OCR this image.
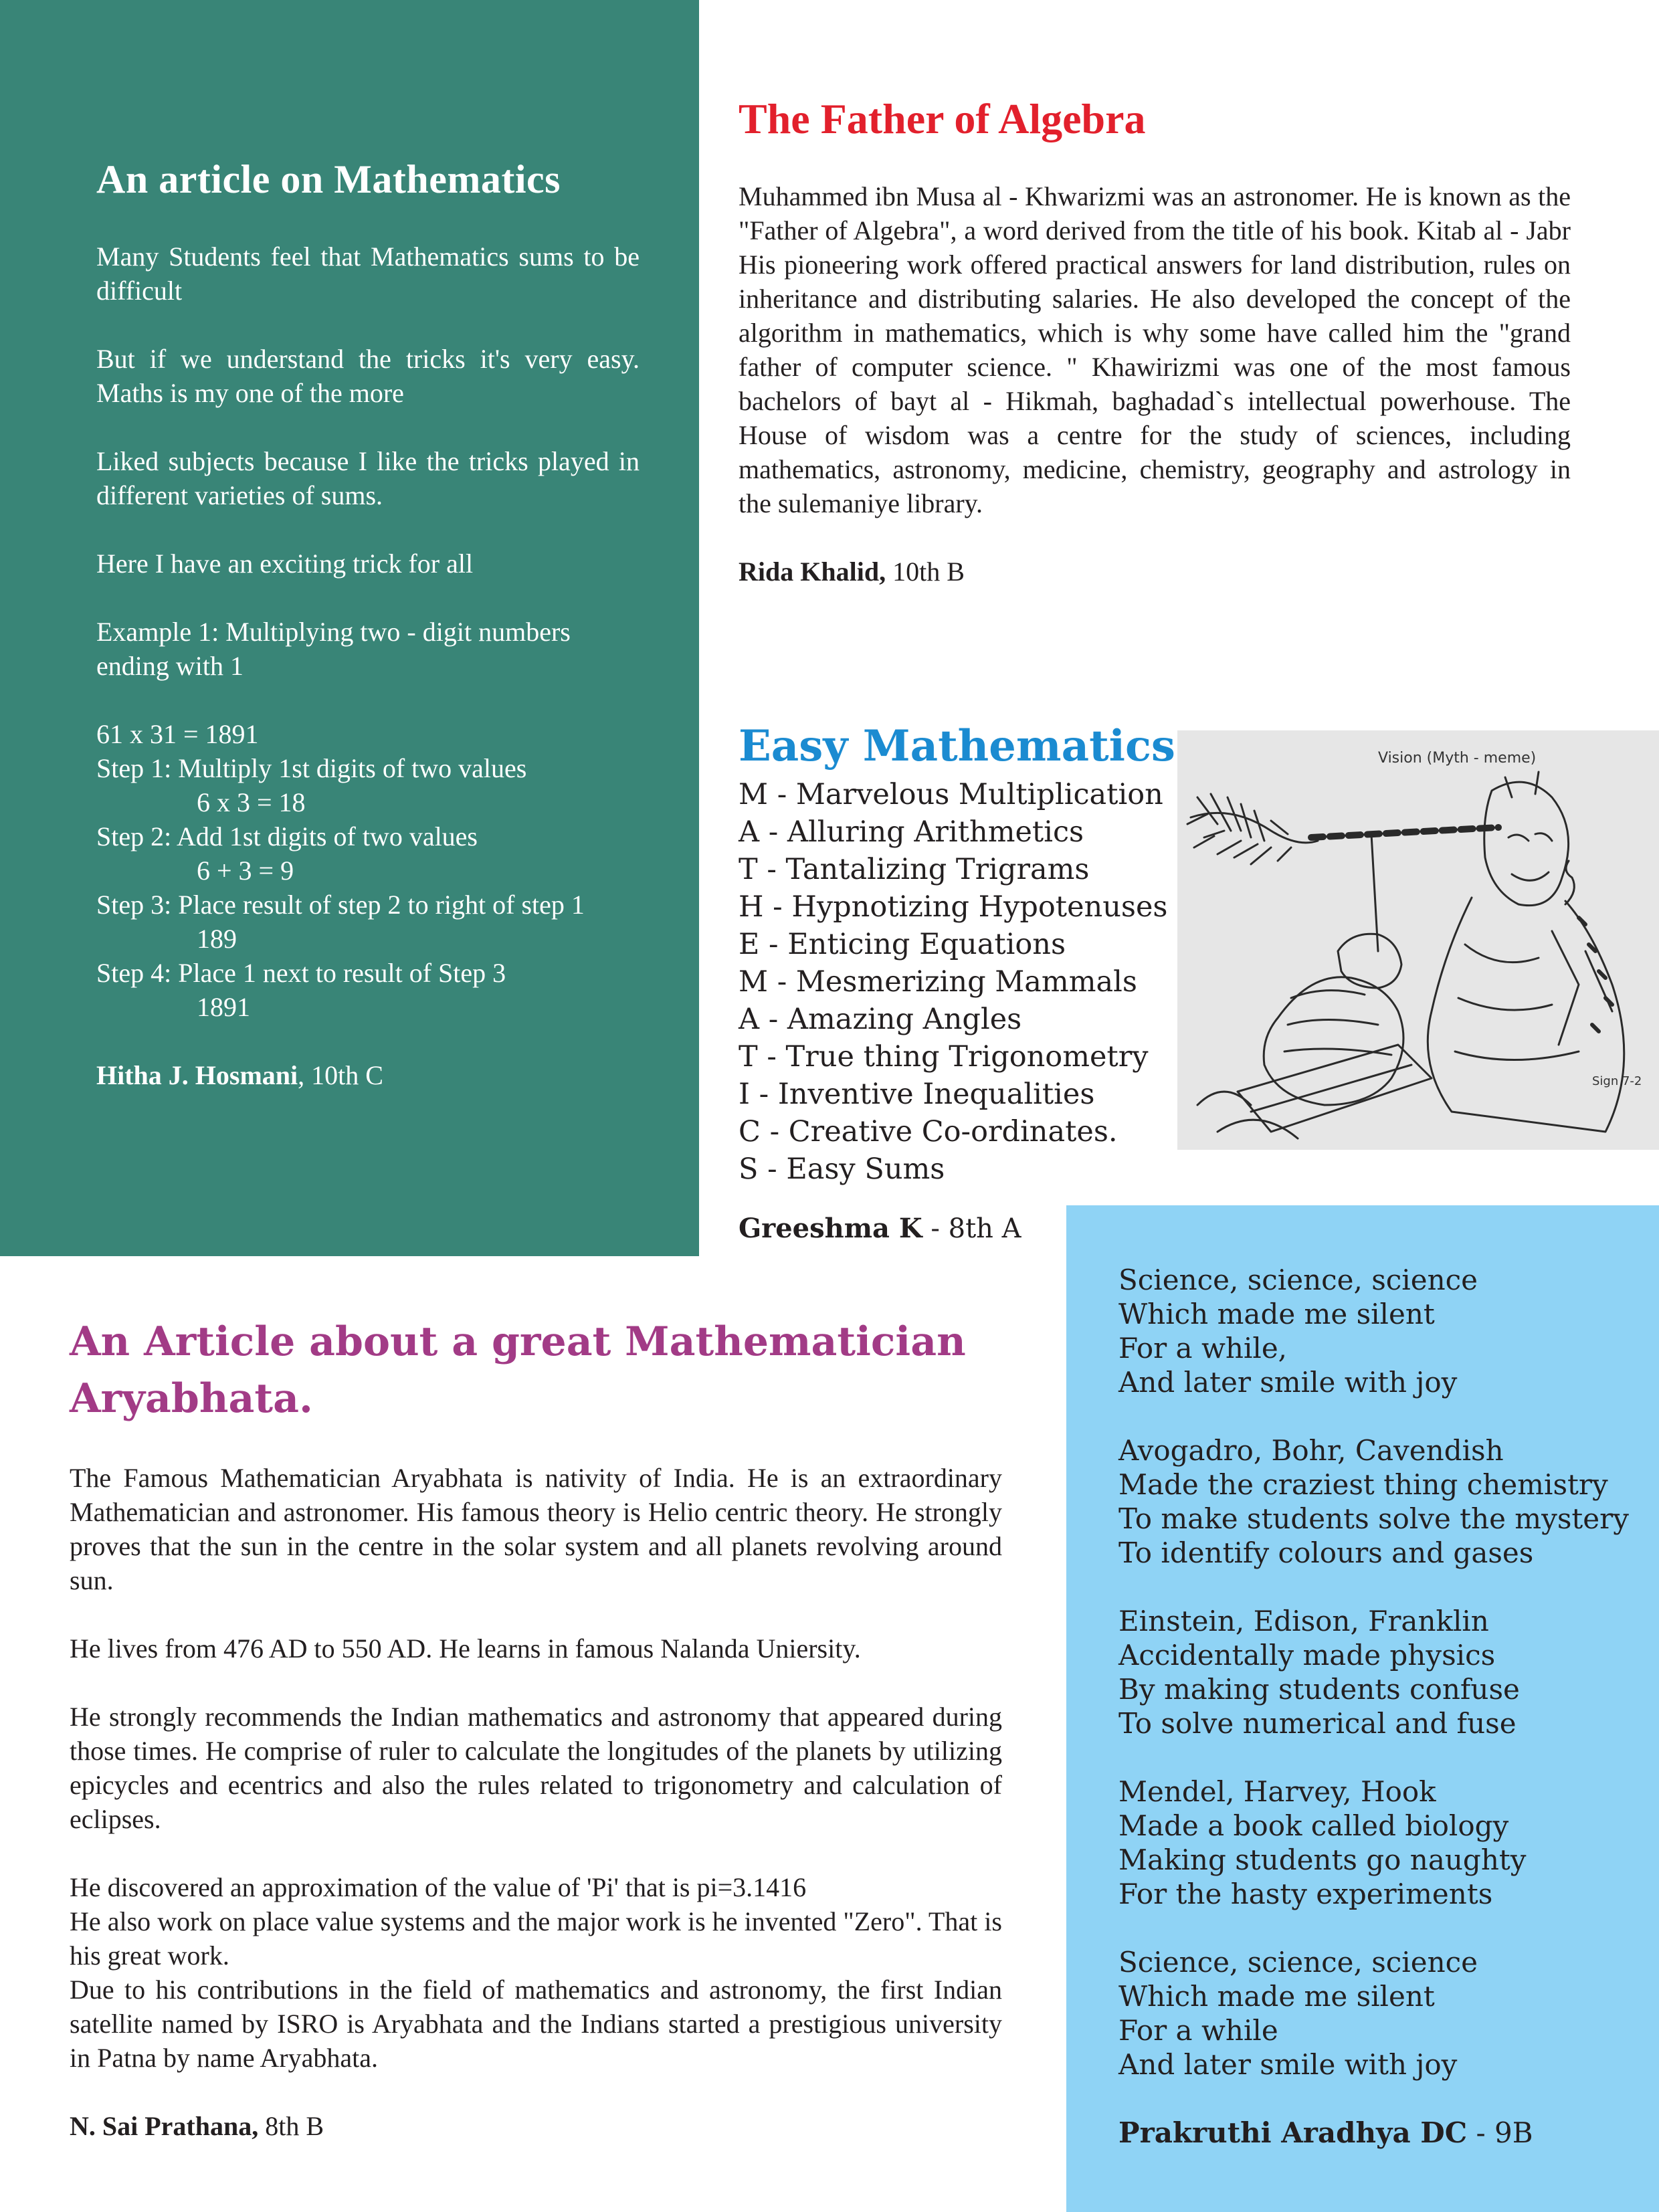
An article on Mathematics

Many Students feel that Mathematics sums to be difficult

But if we understand the tricks it's very easy. Maths is my one of the more

Liked subjects because I like the tricks played in different varieties of sums.

Here I have an exciting trick for all

Example 1: Multiplying two - digit numbers ending with 1

61 x 31 = 1891
Step 1: Multiply 1st digits of two values
6 x 3 = 18
Step 2: Add 1st digits of two values
6 + 3 = 9
Step 3: Place result of step 2 to right of step 1
189
Step 4: Place 1 next to result of Step 3
1891
Hitha J. Hosmani, 10th C
The Father of Algebra

Muhammed ibn Musa al - Khwarizmi was an astronomer. He is known as the "Father of Algebra", a word derived from the title of his book. Kitab al - Jabr His pioneering work offered practical answers for land distribution, rules on inheritance and distributing salaries. He also developed the concept of the algorithm in mathematics, which is why some have called him the "grand father of computer science. " Khawirizmi was one of the most famous bachelors of bayt al - Hikmah, baghadad`s intellectual powerhouse. The House of wisdom was a centre for the study of sciences, including mathematics, astronomy, medicine, chemistry, geography and astrology in the sulemaniye library.

Rida Khalid, 10th B

Easy Mathematics
M - Marvelous Multiplication
A - Alluring Arithmetics
T - Tantalizing Trigrams
H - Hypnotizing Hypotenuses
E - Enticing Equations
M - Mesmerizing Mammals
A - Amazing Angles
T - True thing Trigonometry
I - Inventive Inequalities
C - Creative Co-ordinates.
S - Easy Sums
Greeshma K - 8th A
Vision (Myth - meme)
Sign 7-2
An Article about a great Mathematician Aryabhata.

The Famous Mathematician Aryabhata is nativity of India. He is an extraordinary Mathematician and astronomer. His famous theory is Helio centric theory. He strongly proves that the sun in the centre in the solar system and all planets revolving around sun.

He lives from 476 AD to 550 AD. He learns in famous Nalanda Uniersity.

He strongly recommends the Indian mathematics and astronomy that appeared during those times. He comprise of ruler to calculate the longitudes of the planets by utilizing epicycles and ecentrics and also the rules related to trigonometry and calculation of eclipses.

He discovered an approximation of the value of 'Pi' that is pi=3.1416

He also work on place value systems and the major work is he invented "Zero". That is his great work.

Due to his contributions in the field of mathematics and astronomy, the first Indian satellite named by ISRO is Aryabhata and the Indians started a prestigious university in Patna by name Aryabhata.

N. Sai Prathana, 8th B
Science, science, science
Which made me silent
For a while,
And later smile with joy
Avogadro, Bohr, Cavendish
Made the craziest thing chemistry
To make students solve the mystery
To identify colours and gases
Einstein, Edison, Franklin
Accidentally made physics
By making students confuse
To solve numerical and fuse
Mendel, Harvey, Hook
Made a book called biology
Making students go naughty
For the hasty experiments
Science, science, science
Which made me silent
For a while
And later smile with joy
Prakruthi Aradhya DC - 9B
